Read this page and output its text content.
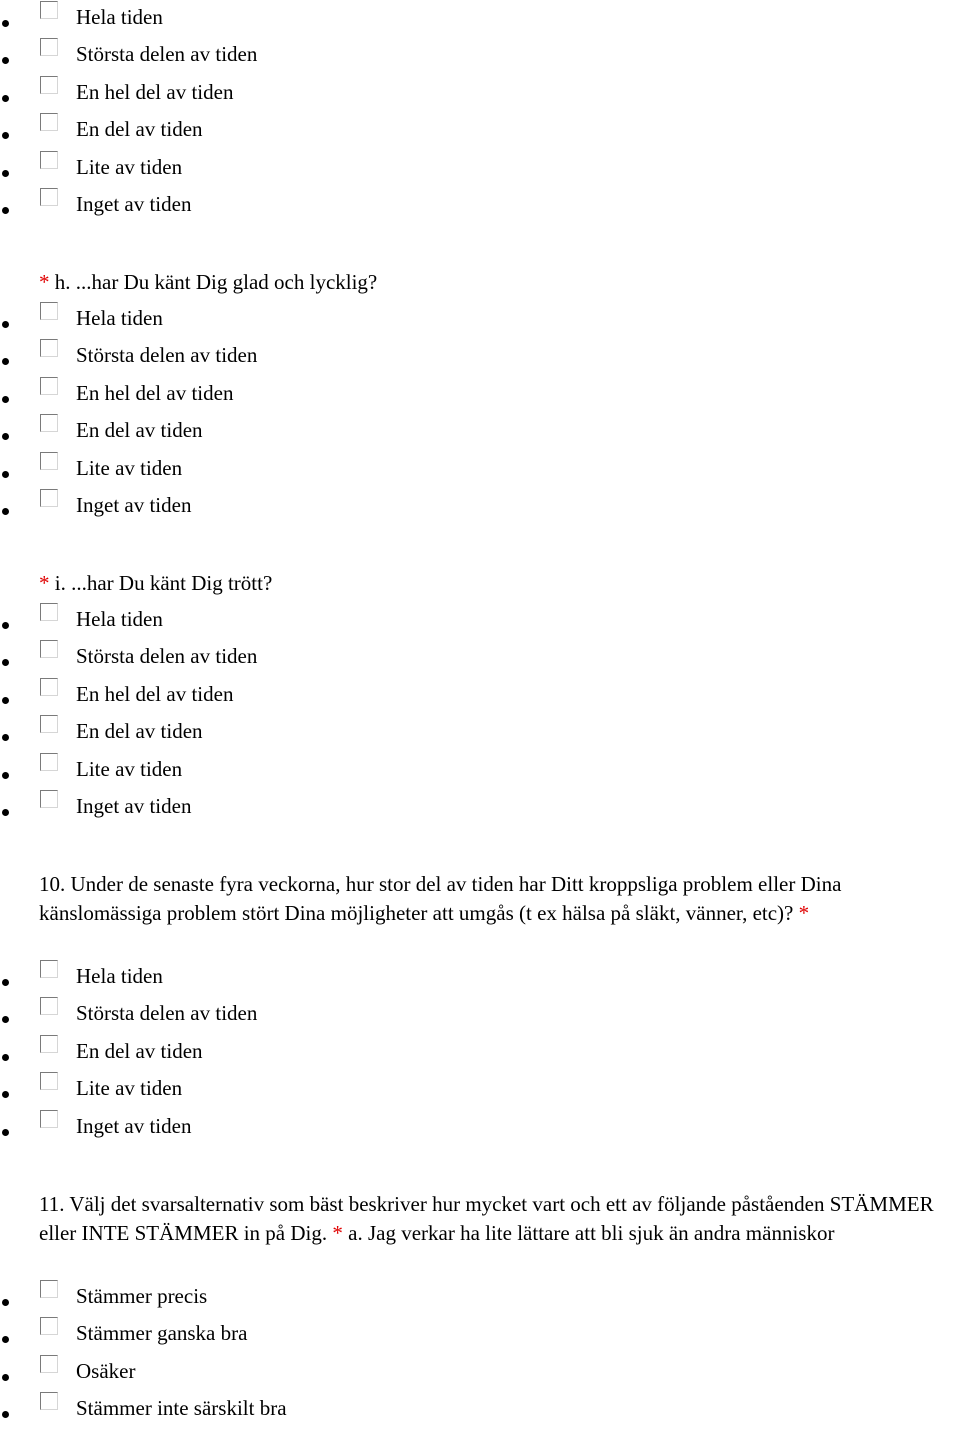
Hela tiden
Största delen av tiden
En hel del av tiden
En del av tiden
Lite av tiden
Inget av tiden
* h. ...har Du känt Dig glad och lycklig?
Hela tiden
Största delen av tiden
En hel del av tiden
En del av tiden
Lite av tiden
Inget av tiden
* i. ...har Du känt Dig trött?
Hela tiden
Största delen av tiden
En hel del av tiden
En del av tiden
Lite av tiden
Inget av tiden
10. Under de senaste fyra veckorna, hur stor del av tiden har Ditt kroppsliga problem eller Dina känslomässiga problem stört Dina möjligheter att umgås (t ex hälsa på släkt, vänner, etc)? *
Hela tiden
Största delen av tiden
En del av tiden
Lite av tiden
Inget av tiden
11. Välj det svarsalternativ som bäst beskriver hur mycket vart och ett av följande påståenden STÄMMER eller INTE STÄMMER in på Dig. * a. Jag verkar ha lite lättare att bli sjuk än andra människor
Stämmer precis
Stämmer ganska bra
Osäker
Stämmer inte särskilt bra
